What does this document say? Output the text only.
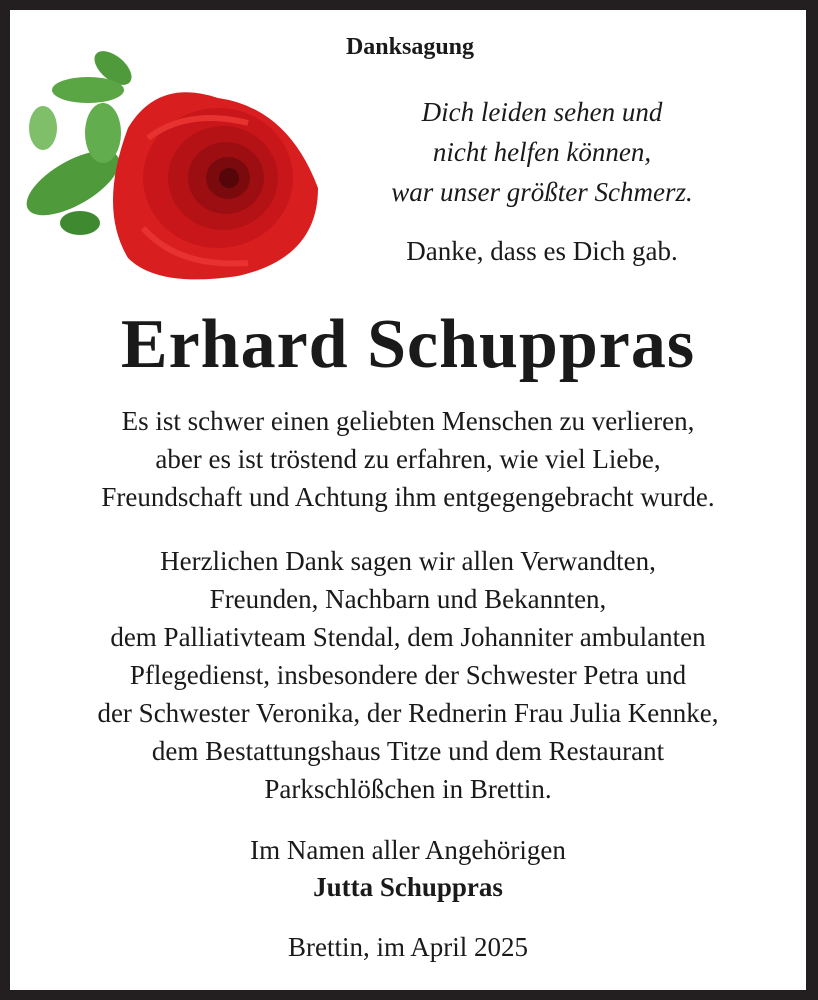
Danksagung
Dich leiden sehen und
nicht helfen können,
war unser größter Schmerz.
Danke, dass es Dich gab.
Erhard Schuppras
Es ist schwer einen geliebten Menschen zu verlieren,
aber es ist tröstend zu erfahren, wie viel Liebe,
Freundschaft und Achtung ihm entgegengebracht wurde.
Herzlichen Dank sagen wir allen Verwandten,
Freunden, Nachbarn und Bekannten,
dem Palliativteam Stendal, dem Johanniter ambulanten
Pflegedienst, insbesondere der Schwester Petra und
der Schwester Veronika, der Rednerin Frau Julia Kennke,
dem Bestattungshaus Titze und dem Restaurant
Parkschlößchen in Brettin.
Im Namen aller Angehörigen
Jutta Schuppras
Brettin, im April 2025
